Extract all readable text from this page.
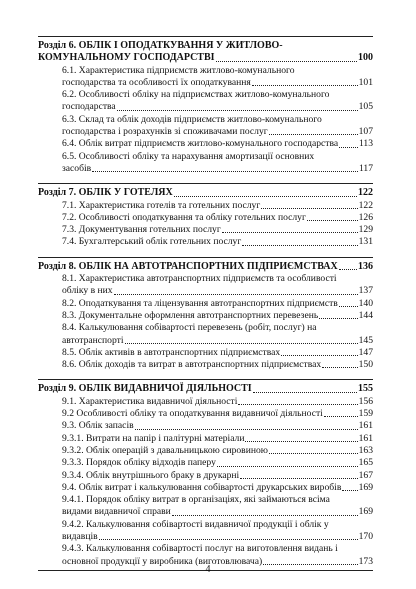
Розділ 6. ОБЛІК І ОПОДАТКУВАННЯ У ЖИТЛОВО-
КОМУНАЛЬНОМУ ГОСПОДАРСТВІ	100
6.1. Характеристика підприємств житлово-комунального
господарства та особливості їх оподаткування	101
6.2. Особливості обліку на підприємствах житлово-комунального
господарства	105
6.3. Склад та облік доходів підприємств житлово-комунального
господарства і розрахунків зі споживачами послуг	107
6.4. Облік витрат підприємств житлово-комунального господарства 113
6.5. Особливості обліку та нарахування амортизації основних
засобів	117
Розділ 7. ОБЛІК У ГОТЕЛЯХ	122
7.1. Характеристика готелів та готельних послуг	122
7.2. Особливості оподаткування та обліку готельних послуг	126
7.3. Документування готельних послуг	129
7.4. Бухгалтерський облік готельних послуг	131
Розділ 8. ОБЛІК НА АВТОТРАНСПОРТНИХ ПІДПРИЄМСТВАХ 136
8.1. Характеристика автотранспортних підприємств та особливості
обліку в них	137
8.2. Оподаткування та ліцензування автотранспортних підприємств 140
8.3. Документальне оформлення автотранспортних перевезень	144
8.4. Калькулювання собівартості перевезень (робіт, послуг) на
автотранспорті	145
8.5. Облік активів в автотранспортних підприємствах	147
8.6. Облік доходів та витрат в автотранспортних підприємствах	150
Розділ 9. ОБЛІК ВИДАВНИЧОЇ ДІЯЛЬНОСТІ	155
9.1. Характеристика видавничої діяльності	156
9.2 Особливості обліку та оподаткування видавничої діяльності	159
9.3. Облік запасів	161
9.3.1. Витрати на папір і палітурні матеріали	161
9.3.2. Облік операцій з давальницькою сировиною	163
9.3.3. Порядок обліку відходів паперу	165
9.3.4. Облік внутрішнього браку в друкарні	167
9.4. Облік витрат і калькулювання собівартості друкарських виробів 169
9.4.1. Порядок обліку витрат в організаціях, які займаються всіма
видами видавничої справи	169
9.4.2. Калькулювання собівартості видавничої продукції і облік у
видавців	170
9.4.3. Калькулювання собівартості послуг на виготовлення видань і
основної продукції у виробника (виготовлювача)	173
4
